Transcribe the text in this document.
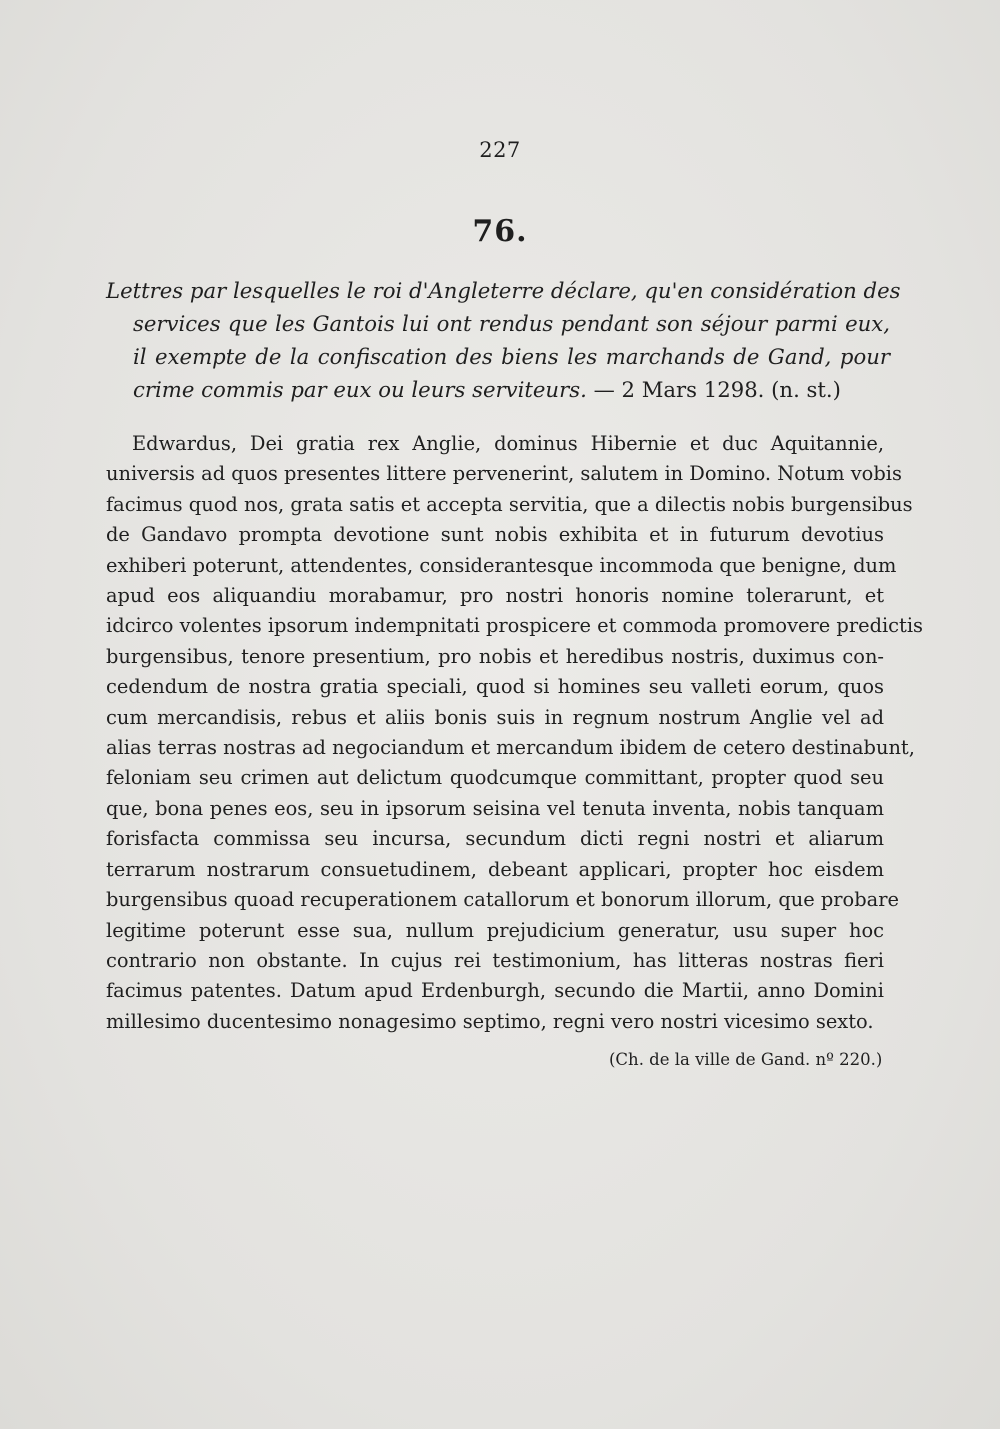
227
76.
Lettres par lesquelles le roi d'Angleterre déclare, qu'en considération des
services que les Gantois lui ont rendus pendant son séjour parmi eux,
il exempte de la confiscation des biens les marchands de Gand, pour
crime commis par eux ou leurs serviteurs. — 2 Mars 1298. (n. st.)
Edwardus, Dei gratia rex Anglie, dominus Hibernie et duc Aquitannie,
universis ad quos presentes littere pervenerint, salutem in Domino. Notum vobis
facimus quod nos, grata satis et accepta servitia, que a dilectis nobis burgensibus
de Gandavo prompta devotione sunt nobis exhibita et in futurum devotius
exhiberi poterunt, attendentes, considerantesque incommoda que benigne, dum
apud eos aliquandiu morabamur, pro nostri honoris nomine tolerarunt, et
idcirco volentes ipsorum indempnitati prospicere et commoda promovere predictis
burgensibus, tenore presentium, pro nobis et heredibus nostris, duximus con-
cedendum de nostra gratia speciali, quod si homines seu valleti eorum, quos
cum mercandisis, rebus et aliis bonis suis in regnum nostrum Anglie vel ad
alias terras nostras ad negociandum et mercandum ibidem de cetero destinabunt,
feloniam seu crimen aut delictum quodcumque committant, propter quod seu
que, bona penes eos, seu in ipsorum seisina vel tenuta inventa, nobis tanquam
forisfacta commissa seu incursa, secundum dicti regni nostri et aliarum
terrarum nostrarum consuetudinem, debeant applicari, propter hoc eisdem
burgensibus quoad recuperationem catallorum et bonorum illorum, que probare
legitime poterunt esse sua, nullum prejudicium generatur, usu super hoc
contrario non obstante. In cujus rei testimonium, has litteras nostras fieri
facimus patentes. Datum apud Erdenburgh, secundo die Martii, anno Domini
millesimo ducentesimo nonagesimo septimo, regni vero nostri vicesimo sexto.
(Ch. de la ville de Gand. nº 220.)
